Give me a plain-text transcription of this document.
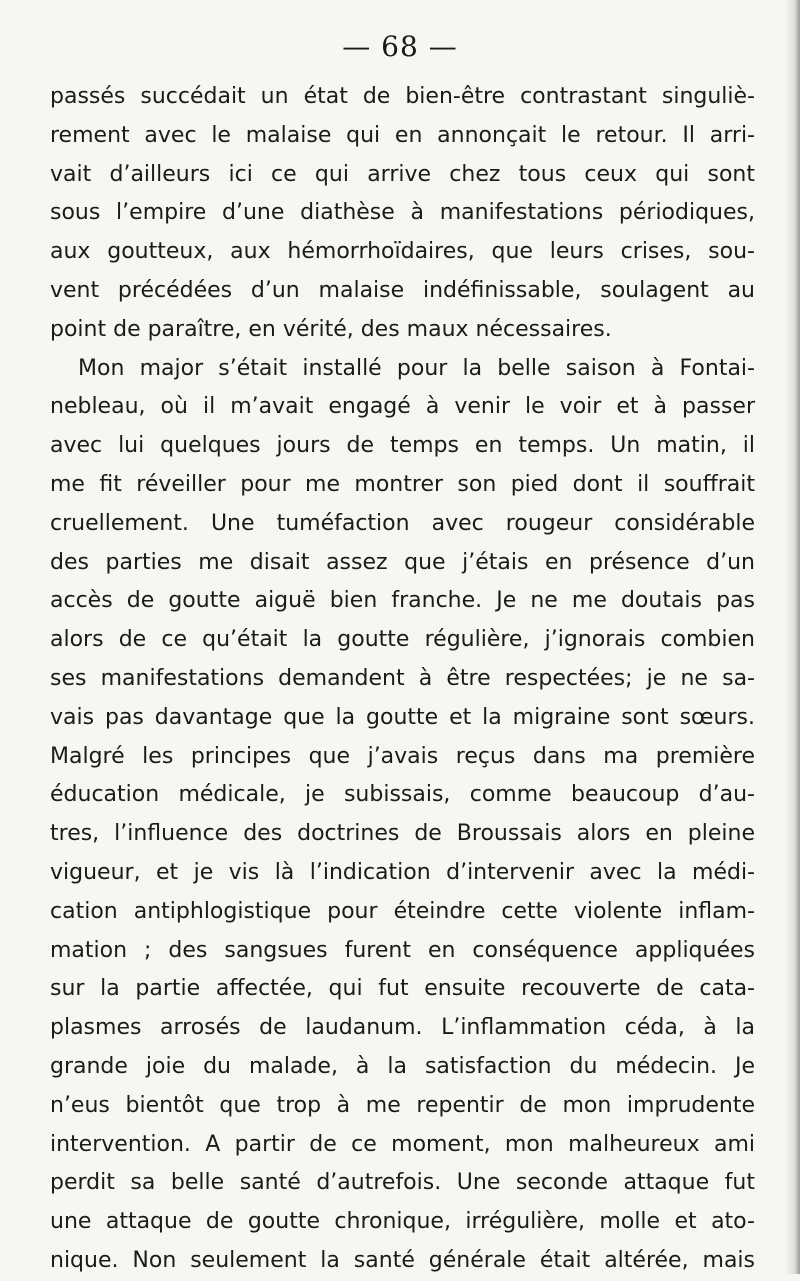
— 68 —
passés succédait un état de bien-être contrastant singuliè-
rement avec le malaise qui en annonçait le retour. Il arri-
vait d’ailleurs ici ce qui arrive chez tous ceux qui sont
sous l’empire d’une diathèse à manifestations périodiques,
aux goutteux, aux hémorrhoïdaires, que leurs crises, sou-
vent précédées d’un malaise indéfinissable, soulagent au
point de paraître, en vérité, des maux nécessaires.
Mon major s’était installé pour la belle saison à Fontai-
nebleau, où il m’avait engagé à venir le voir et à passer
avec lui quelques jours de temps en temps. Un matin, il
me fit réveiller pour me montrer son pied dont il souffrait
cruellement. Une tuméfaction avec rougeur considérable
des parties me disait assez que j’étais en présence d’un
accès de goutte aiguë bien franche. Je ne me doutais pas
alors de ce qu’était la goutte régulière, j’ignorais combien
ses manifestations demandent à être respectées; je ne sa-
vais pas davantage que la goutte et la migraine sont sœurs.
Malgré les principes que j’avais reçus dans ma première
éducation médicale, je subissais, comme beaucoup d’au-
tres, l’influence des doctrines de Broussais alors en pleine
vigueur, et je vis là l’indication d’intervenir avec la médi-
cation antiphlogistique pour éteindre cette violente inflam-
mation ; des sangsues furent en conséquence appliquées
sur la partie affectée, qui fut ensuite recouverte de cata-
plasmes arrosés de laudanum. L’inflammation céda, à la
grande joie du malade, à la satisfaction du médecin. Je
n’eus bientôt que trop à me repentir de mon imprudente
intervention. A partir de ce moment, mon malheureux ami
perdit sa belle santé d’autrefois. Une seconde attaque fut
une attaque de goutte chronique, irrégulière, molle et ato-
nique. Non seulement la santé générale était altérée, mais
